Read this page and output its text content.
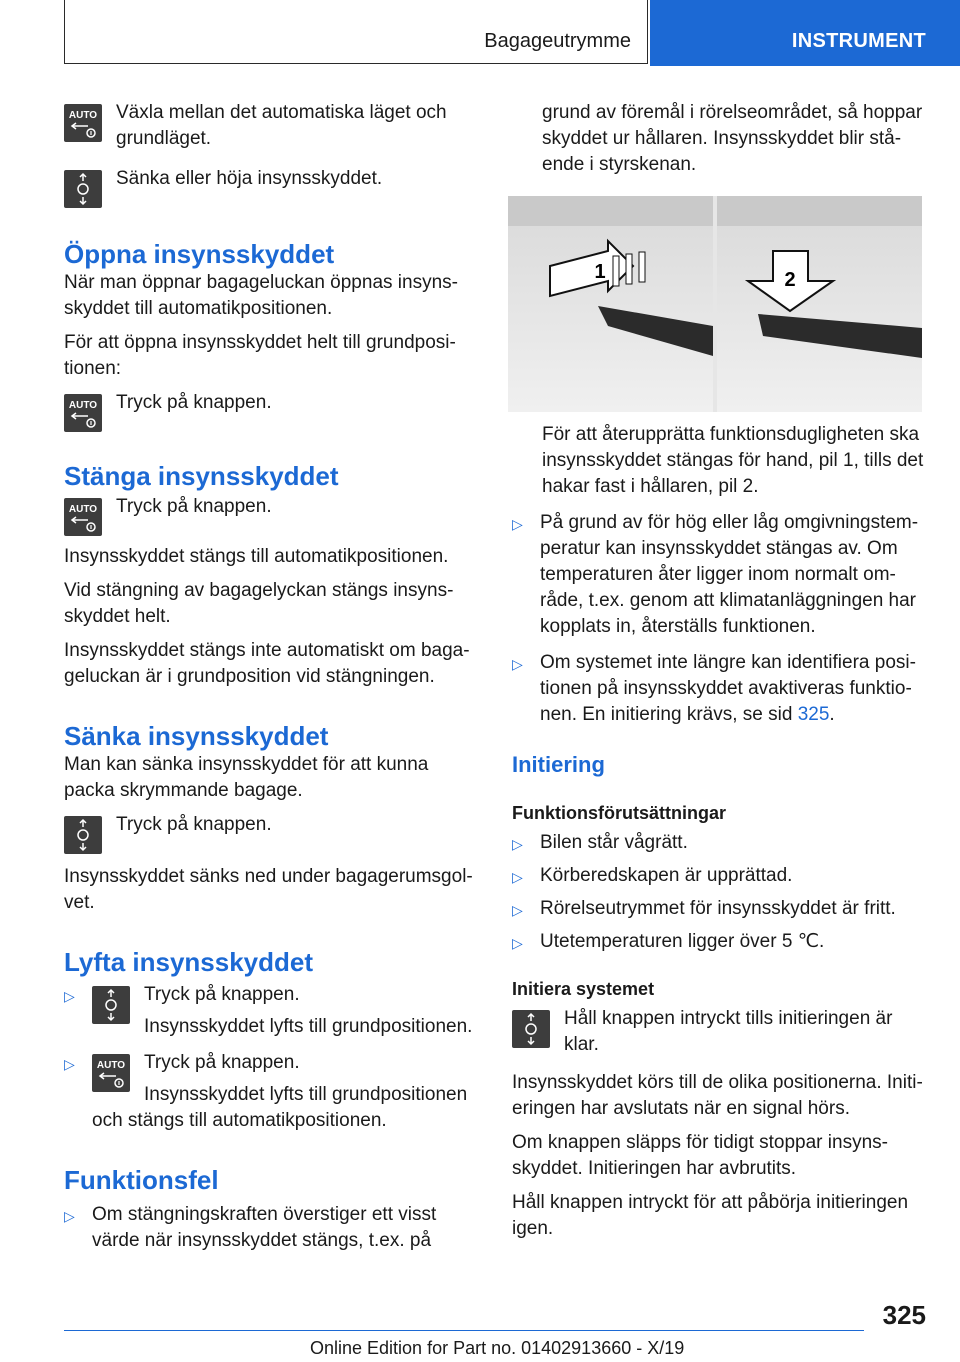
Bagageutrymme	INSTRUMENT
AUTO Växla mellan det automatiska läget och grundläget.

Sänka eller höja insynsskyddet.

Öppna insynsskyddet

När man öppnar bagageluckan öppnas insynsskyddet till automatikpositionen.

För att öppna insynsskyddet helt till grundpositionen:

AUTO Tryck på knappen.

Stänga insynsskyddet
AUTO Tryck på knappen.

Insynsskyddet stängs till automatikpositionen.

Vid stängning av bagagelyckan stängs insynsskyddet helt.

Insynsskyddet stängs inte automatiskt om bagageluckan är i grundposition vid stängningen.

Sänka insynsskyddet

Man kan sänka insynsskyddet för att kunna packa skrymmande bagage.

Tryck på knappen.

Insynsskyddet sänks ned under bagagerumsgolvet.

Lyfta insynsskyddet
▷	Tryck på knappen.

Insynsskyddet lyfts till grundpositionen.

▷	AUTO Tryck på knappen.

Insynsskyddet lyfts till grundpositionen och stängs till automatikpositionen.

Funktionsfel
▷ Om stängningskraften överstiger ett visst värde när insynsskyddet stängs, t.ex. på

grund av föremål i rörelseområdet, så hoppar skyddet ur hållaren. Insynsskyddet blir stående i styrskenan.

1	2

För att återupprätta funktionsdugligheten ska insynsskyddet stängas för hand, pil 1, tills det hakar fast i hållaren, pil 2.

▷ På grund av för hög eller låg omgivningstemperatur kan insynsskyddet stängas av. Om temperaturen åter ligger inom normalt område, t.ex. genom att klimatanläggningen har kopplats in, återställs funktionen.

▷ Om systemet inte längre kan identifiera positionen på insynsskyddet avaktiveras funktionen. En initiering krävs, se sid 325.

Initiering
Funktionsförutsättningar
▷ Bilen står vågrätt.

▷ Körberedskapen är upprättad.

▷ Rörelseutrymmet för insynsskyddet är fritt.

▷ Utetemperaturen ligger över 5 ℃.

Initiera systemet

Håll knappen intryckt tills initieringen är klar.

Insynsskyddet körs till de olika positionerna. Initieringen har avslutats när en signal hörs.

Om knappen släpps för tidigt stoppar insynsskyddet. Initieringen har avbrutits.

Håll knappen intryckt för att påbörja initieringen igen.

325
Online Edition for Part no. 01402913660 - X/19
